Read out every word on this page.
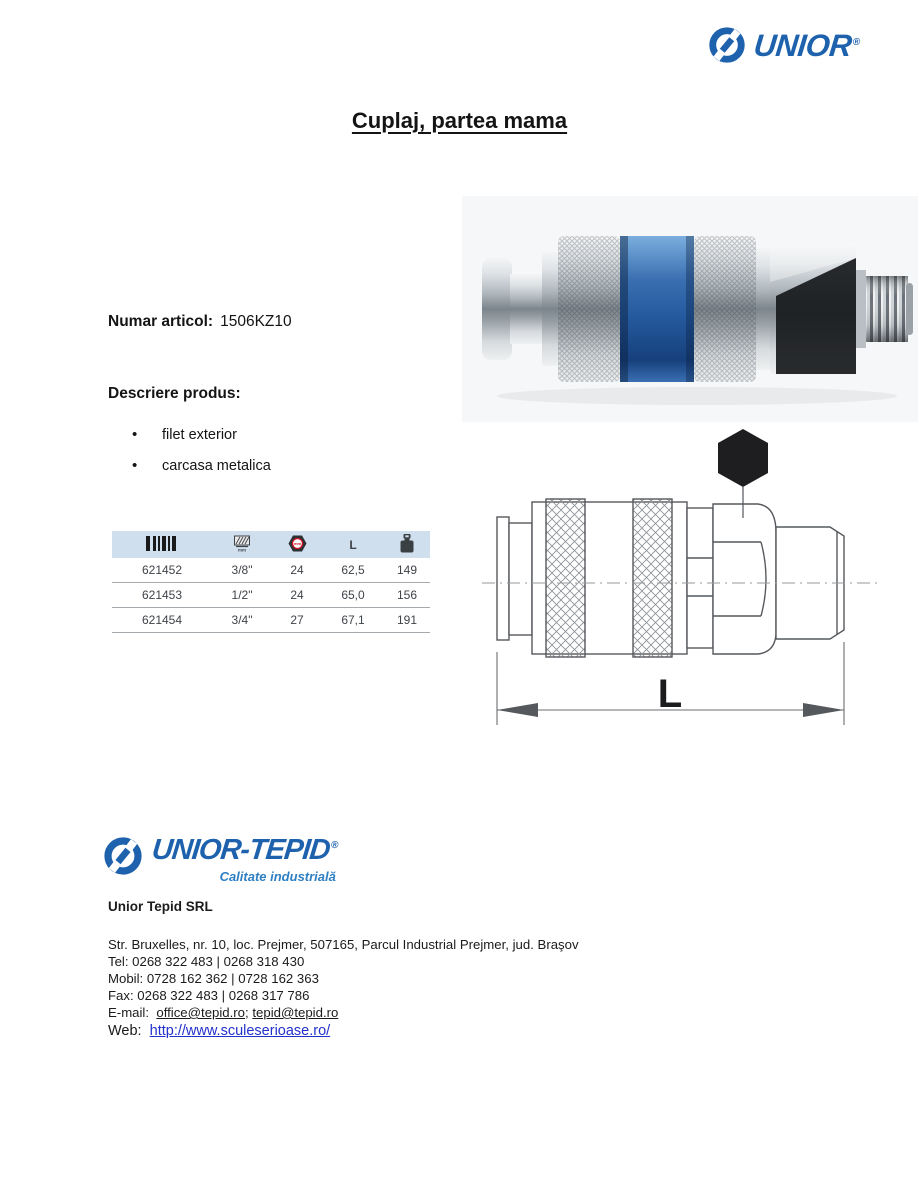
UNIOR®
Cuplaj, partea mama
Numar articol: 1506KZ10
Descriere produs:
•	filet exterior
•	carcasa metalica

mm	mm	L	
621452	3/8"	24	62,5	149
621453	1/2"	24	65,0	156
621454	3/4"	27	67,1	191
L
UNIOR-TEPID®
Calitate industrială
Unior Tepid SRL
Str. Bruxelles, nr. 10, loc. Prejmer, 507165, Parcul Industrial Prejmer, jud. Braşov
Tel: 0268 322 483 | 0268 318 430
Mobil: 0728 162 362 | 0728 162 363
Fax: 0268 322 483 | 0268 317 786
E-mail: office@tepid.ro; tepid@tepid.ro
Web: http://www.sculeserioase.ro/
